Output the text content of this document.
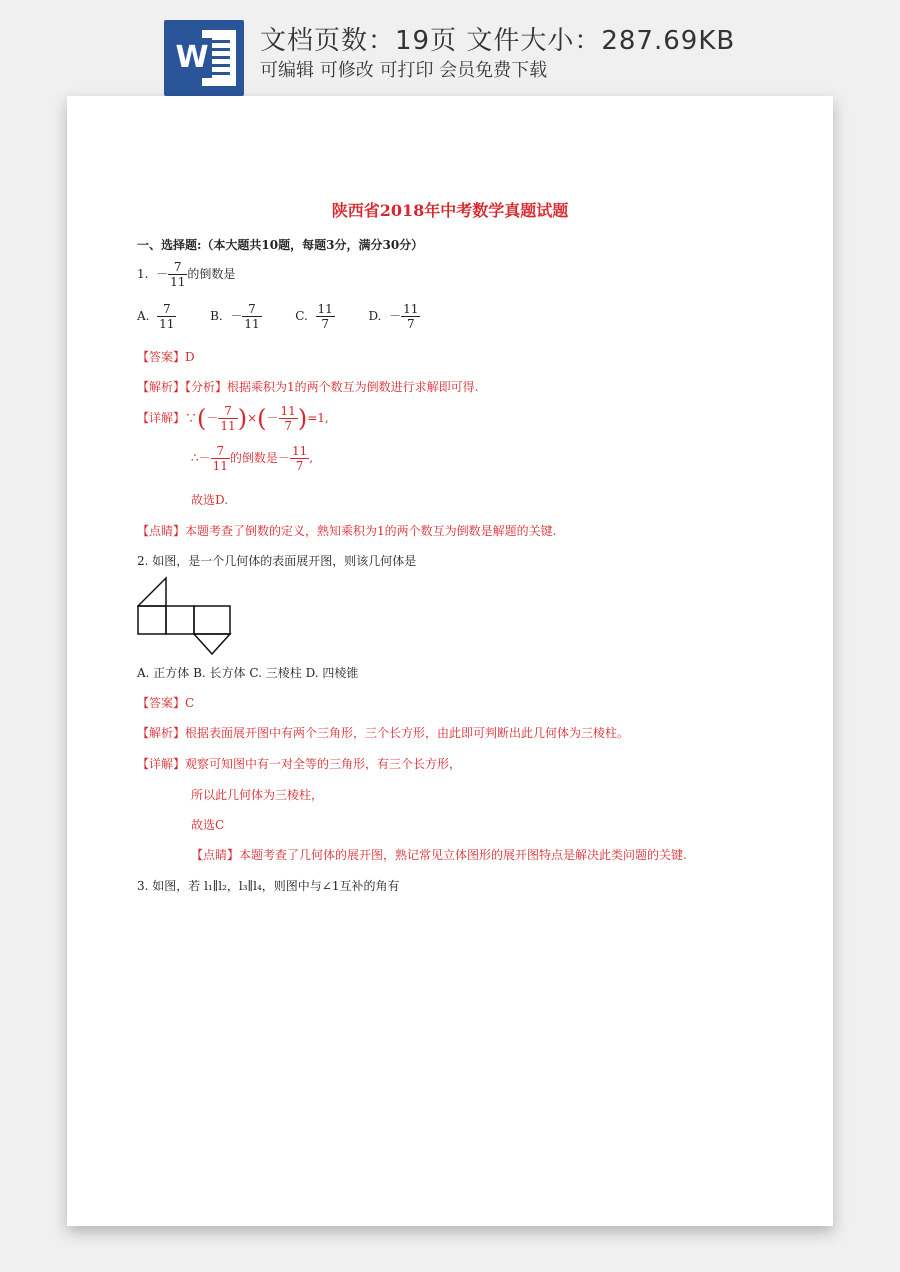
W 文档页数：19页 文件大小：287.69KB
可编辑 可修改 可打印 会员免费下载
陕西省2018年中考数学真题试题
一、选择题:（本大题共10题，每题3分，满分30分）
1. － $\frac{7}{11}$ 的倒数是
A. $\frac{7}{11}$	B. － $\frac{7}{11}$	C. $\frac{11}{7}$	D. － $\frac{11}{7}$
【答案】D
【解析】【分析】根据乘积为1的两个数互为倒数进行求解即可得.
【详解】∵(－ $\frac{7}{11}$ )×(－ $\frac{11}{7} )=1$,
∴－ $\frac{7}{11}$ 的倒数是－ $\frac{11}{7}$ ,
故选D.
【点睛】本题考查了倒数的定义，熟知乘积为1的两个数互为倒数是解题的关键.
2. 如图，是一个几何体的表面展开图，则该几何体是
A. 正方体 B. 长方体 C. 三棱柱 D. 四棱锥
【答案】C
【解析】根据表面展开图中有两个三角形，三个长方形，由此即可判断出此几何体为三棱柱。
【详解】观察可知图中有一对全等的三角形，有三个长方形，
所以此几何体为三棱柱，
故选C
【点睛】本题考查了几何体的展开图，熟记常见立体图形的展开图特点是解决此类问题的关键.
3. 如图，若 l₁∥l₂，l₃∥l₄，则图中与∠1互补的角有
